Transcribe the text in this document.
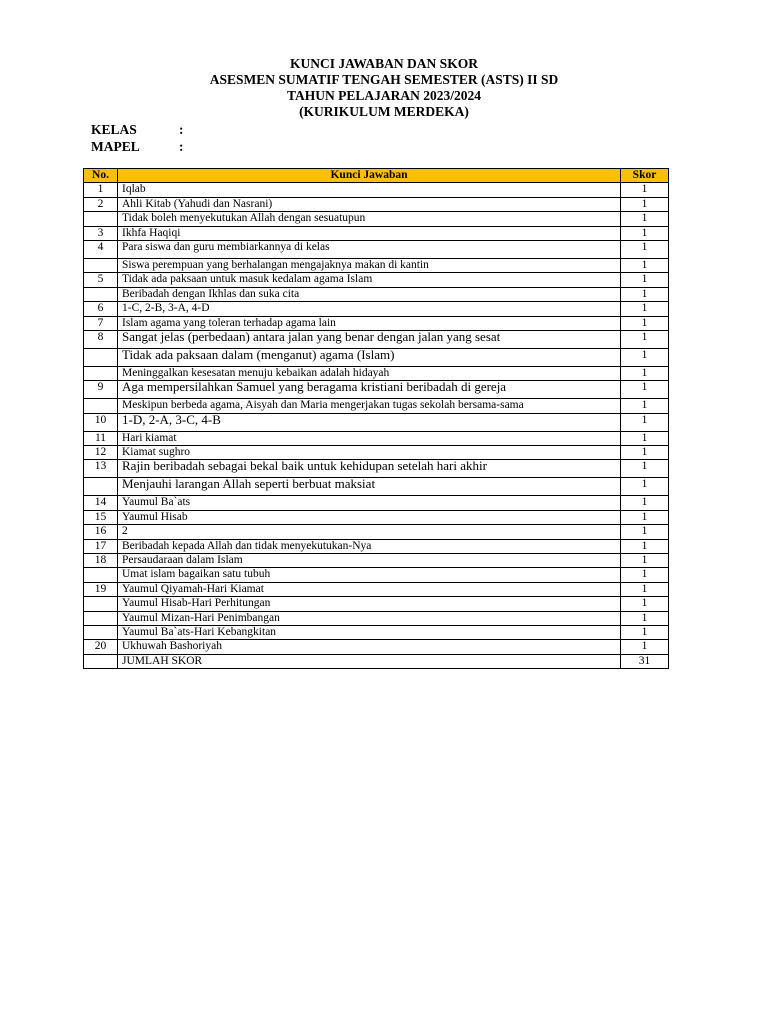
KUNCI JAWABAN DAN SKOR
ASESMEN SUMATIF TENGAH SEMESTER (ASTS) II SD
TAHUN PELAJARAN 2023/2024
(KURIKULUM MERDEKA)
KELAS	:
MAPEL	:
No.	Kunci Jawaban	Skor
1	Iqlab	1
2	Ahli Kitab (Yahudi dan Nasrani)	1
	Tidak boleh menyekutukan Allah dengan sesuatupun	1
3	Ikhfa Haqiqi	1
4	Para siswa dan guru membiarkannya di kelas	1
	Siswa perempuan yang berhalangan mengajaknya makan di kantin	1
5	Tidak ada paksaan untuk masuk kedalam agama Islam	1
	Beribadah dengan Ikhlas dan suka cita	1
6	1-C, 2-B, 3-A, 4-D	1
7	Islam agama yang toleran terhadap agama lain	1
8	Sangat jelas (perbedaan) antara jalan yang benar dengan jalan yang sesat	1
	Tidak ada paksaan dalam (menganut) agama (Islam)	1
	Meninggalkan kesesatan menuju kebaikan adalah hidayah	1
9	Aga mempersilahkan Samuel yang beragama kristiani beribadah di gereja	1
	Meskipun berbeda agama, Aisyah dan Maria mengerjakan tugas sekolah bersama-sama	1
10	1-D, 2-A, 3-C, 4-B	1
11	Hari kiamat	1
12	Kiamat sughro	1
13	Rajin beribadah sebagai bekal baik untuk kehidupan setelah hari akhir	1
	Menjauhi larangan Allah seperti berbuat maksiat	1
14	Yaumul Ba`ats	1
15	Yaumul Hisab	1
16	2	1
17	Beribadah kepada Allah dan tidak menyekutukan-Nya	1
18	Persaudaraan dalam Islam	1
	Umat islam bagaikan satu tubuh	1
19	Yaumul Qiyamah-Hari Kiamat	1
	Yaumul Hisab-Hari Perhitungan	1
	Yaumul Mizan-Hari Penimbangan	1
	Yaumul Ba`ats-Hari Kebangkitan	1
20	Ukhuwah Bashoriyah	1
	JUMLAH SKOR	31
